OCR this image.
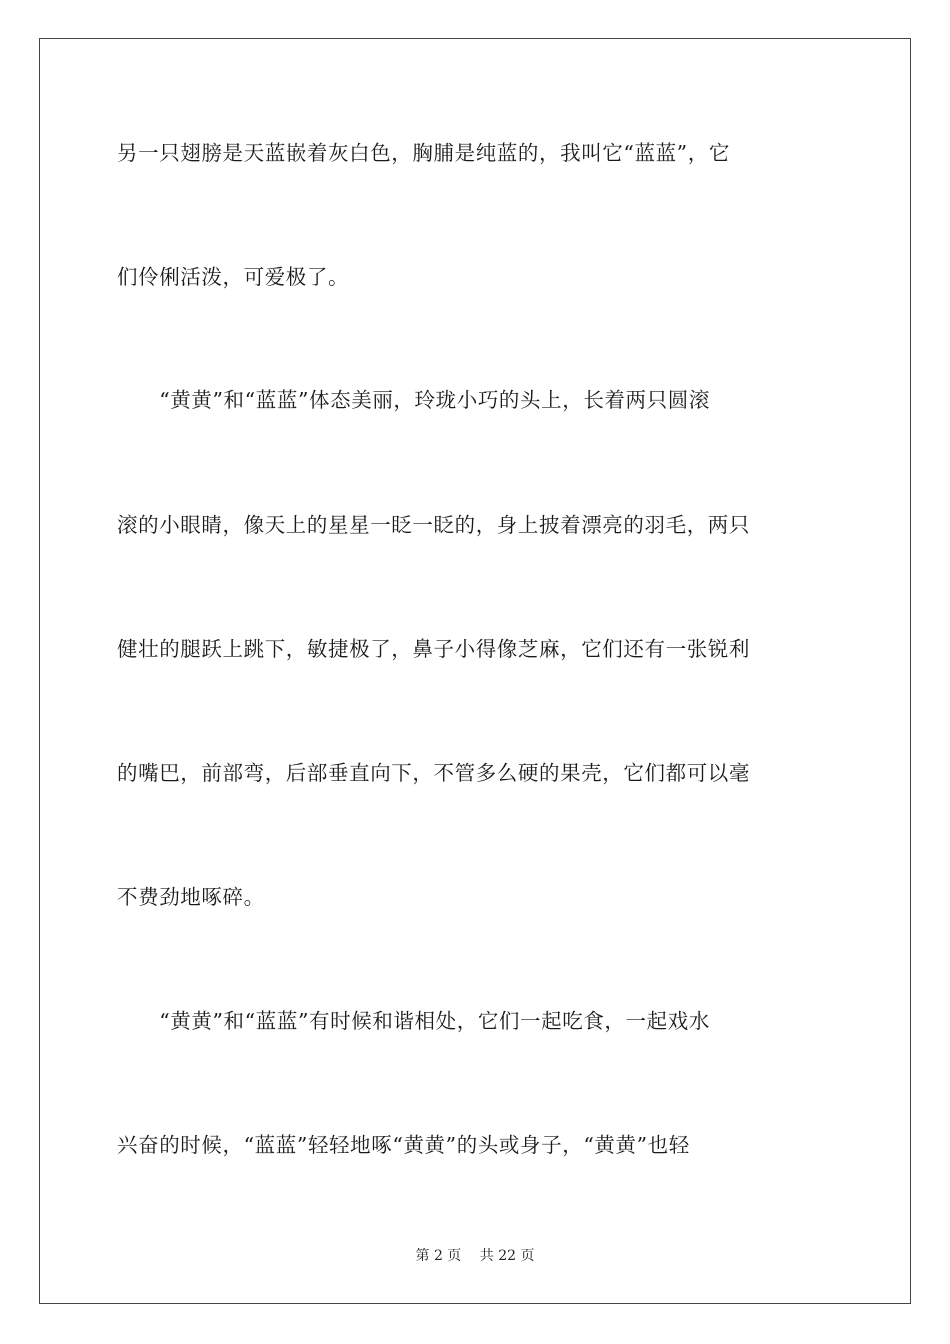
另一只翅膀是天蓝嵌着灰白色，胸脯是纯蓝的，我叫它“蓝蓝”，它
们伶俐活泼，可爱极了。
　　“黄黄”和“蓝蓝”体态美丽，玲珑小巧的头上，长着两只圆滚
滚的小眼睛，像天上的星星一眨一眨的，身上披着漂亮的羽毛，两只
健壮的腿跃上跳下，敏捷极了，鼻子小得像芝麻，它们还有一张锐利
的嘴巴，前部弯，后部垂直向下，不管多么硬的果壳，它们都可以毫
不费劲地啄碎。
　　“黄黄”和“蓝蓝”有时候和谐相处，它们一起吃食，一起戏水
兴奋的时候，“蓝蓝”轻轻地啄“黄黄”的头或身子，“黄黄”也轻
第 2 页　 共 22 页
